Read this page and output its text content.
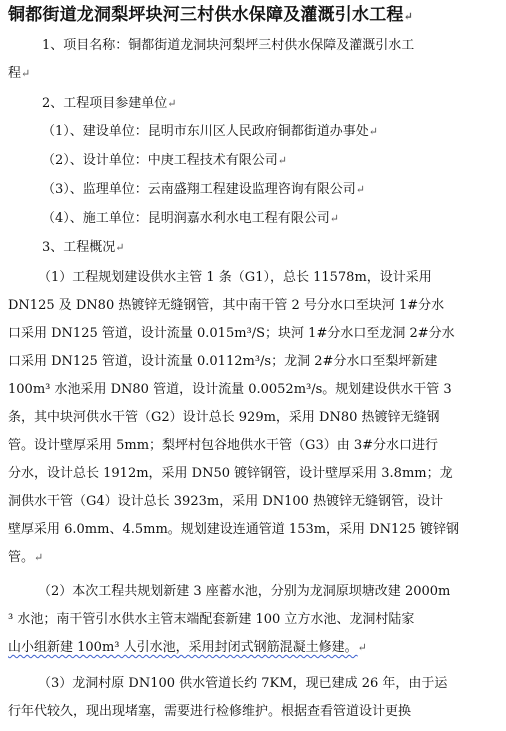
铜都街道龙洞梨坪块河三村供水保障及灌溉引水工程↵
1、项目名称：铜都街道龙洞块河梨坪三村供水保障及灌溉引水工
程↵
2、工程项目参建单位↵
（1）、建设单位：昆明市东川区人民政府铜都街道办事处↵
（2）、设计单位：中庚工程技术有限公司↵
（3）、监理单位：云南盛翔工程建设监理咨询有限公司↵
（4）、施工单位：昆明润嘉水利水电工程有限公司↵
3、工程概况↵
（1）工程规划建设供水主管 1 条（G1），总长 11578m，设计采用
DN125 及 DN80 热镀锌无缝钢管，其中南干管 2 号分水口至块河 1#分水
口采用 DN125 管道，设计流量 0.015m³/S；块河 1#分水口至龙洞 2#分水
口采用 DN125 管道，设计流量 0.0112m³/s；龙洞 2#分水口至梨坪新建
100m³ 水池采用 DN80 管道，设计流量 0.0052m³/s。规划建设供水干管 3
条，其中块河供水干管（G2）设计总长 929m，采用 DN80 热镀锌无缝钢
管。设计壁厚采用 5mm；梨坪村包谷地供水干管（G3）由 3#分水口进行
分水，设计总长 1912m，采用 DN50 镀锌钢管，设计壁厚采用 3.8mm；龙
洞供水干管（G4）设计总长 3923m，采用 DN100 热镀锌无缝钢管，设计
壁厚采用 6.0mm、4.5mm。规划建设连通管道 153m，采用 DN125 镀锌钢
管。↵
（2）本次工程共规划新建 3 座蓄水池，分别为龙洞原坝塘改建 2000m
³ 水池；南干管引水供水主管末端配套新建 100 立方水池、龙洞村陆家
山小组新建 100m³ 人引水池，采用封闭式钢筋混凝土修建。↵
（3）龙洞村原 DN100 供水管道长约 7KM，现已建成 26 年，由于运
行年代较久，现出现堵塞，需要进行检修维护。根据查看管道设计更换
